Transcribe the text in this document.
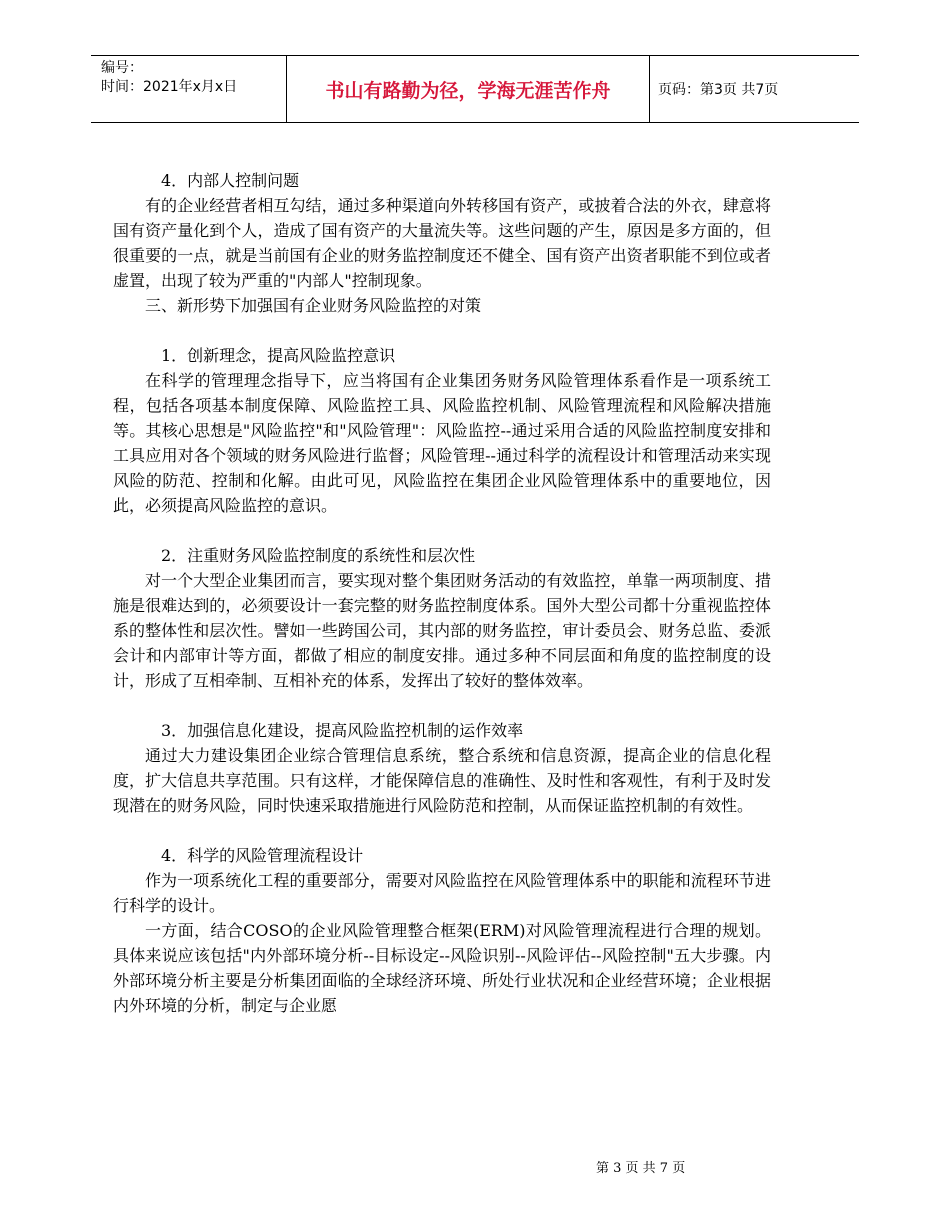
编号：
时间：2021年x月x日	书山有路勤为径，学海无涯苦作舟	页码：第3页 共7页

4．内部人控制问题

有的企业经营者相互勾结，通过多种渠道向外转移国有资产，或披着合法的外衣，肆意将国有资产量化到个人，造成了国有资产的大量流失等。这些问题的产生，原因是多方面的，但很重要的一点，就是当前国有企业的财务监控制度还不健全、国有资产出资者职能不到位或者虚置，出现了较为严重的"内部人"控制现象。

三、新形势下加强国有企业财务风险监控的对策

1．创新理念，提高风险监控意识

在科学的管理理念指导下，应当将国有企业集团务财务风险管理体系看作是一项系统工程，包括各项基本制度保障、风险监控工具、风险监控机制、风险管理流程和风险解决措施等。其核心思想是"风险监控"和"风险管理"：风险监控--通过采用合适的风险监控制度安排和工具应用对各个领域的财务风险进行监督；风险管理--通过科学的流程设计和管理活动来实现风险的防范、控制和化解。由此可见，风险监控在集团企业风险管理体系中的重要地位，因此，必须提高风险监控的意识。

2．注重财务风险监控制度的系统性和层次性

对一个大型企业集团而言，要实现对整个集团财务活动的有效监控，单靠一两项制度、措施是很难达到的，必须要设计一套完整的财务监控制度体系。国外大型公司都十分重视监控体系的整体性和层次性。譬如一些跨国公司，其内部的财务监控，审计委员会、财务总监、委派会计和内部审计等方面，都做了相应的制度安排。通过多种不同层面和角度的监控制度的设计，形成了互相牵制、互相补充的体系，发挥出了较好的整体效率。

3．加强信息化建设，提高风险监控机制的运作效率

通过大力建设集团企业综合管理信息系统，整合系统和信息资源，提高企业的信息化程度，扩大信息共享范围。只有这样，才能保障信息的准确性、及时性和客观性，有利于及时发现潜在的财务风险，同时快速采取措施进行风险防范和控制，从而保证监控机制的有效性。

4．科学的风险管理流程设计

作为一项系统化工程的重要部分，需要对风险监控在风险管理体系中的职能和流程环节进行科学的设计。

一方面，结合COSO的企业风险管理整合框架(ERM)对风险管理流程进行合理的规划。具体来说应该包括"内外部环境分析--目标设定--风险识别--风险评估--风险控制"五大步骤。内外部环境分析主要是分析集团面临的全球经济环境、所处行业状况和企业经营环境；企业根据内外环境的分析，制定与企业愿

第 3 页 共 7 页
